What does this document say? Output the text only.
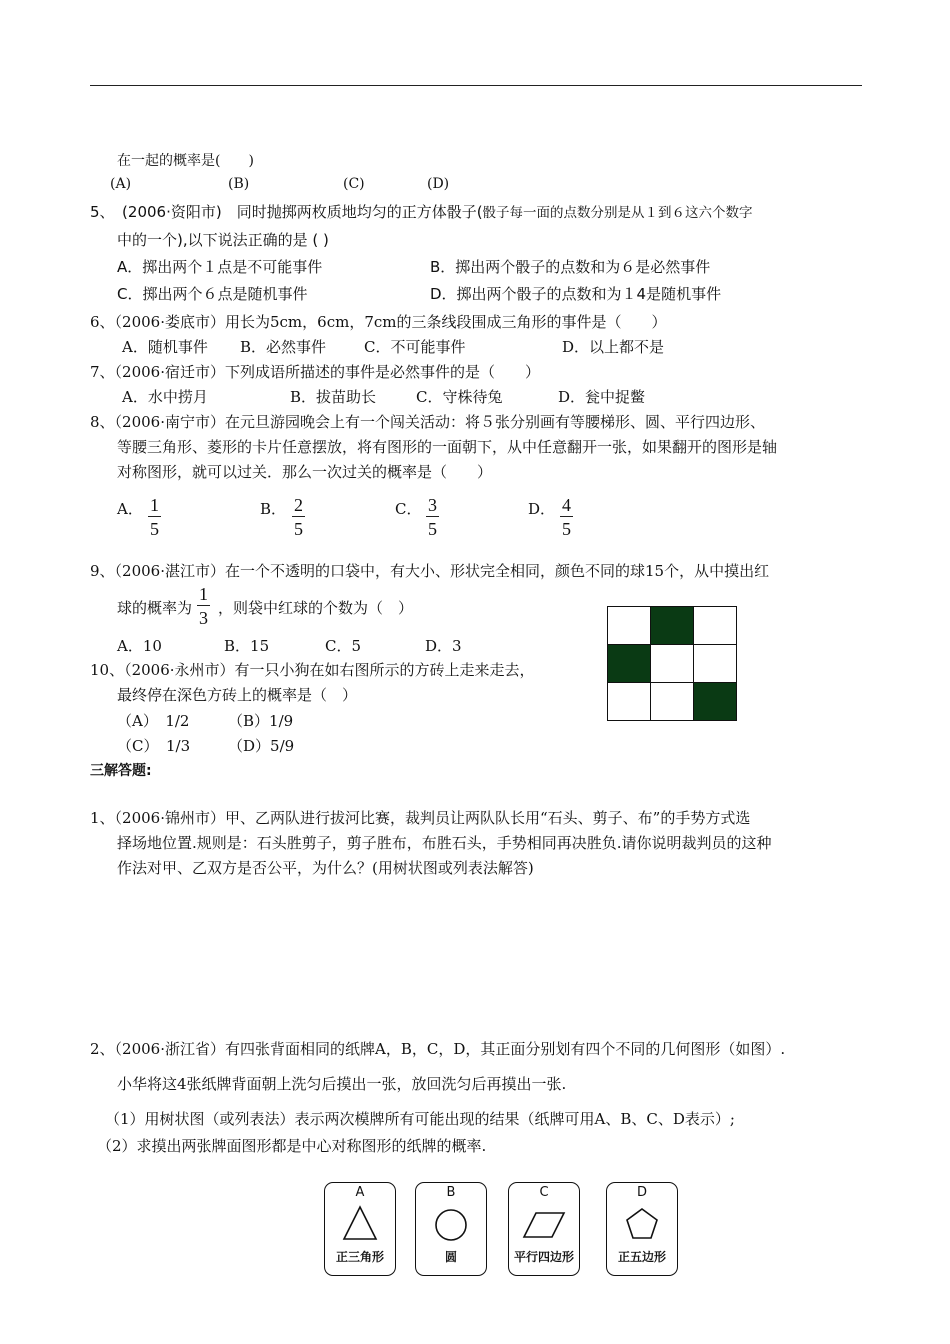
在一起的概率是(　　)
(A)	(B)	(C)	(D)
5、　(2006·资阳市)　同时抛掷两枚质地均匀的正方体骰子(骰子每一面的点数分别是从１到６这六个数字
中的一个),以下说法正确的是 ( )
A．掷出两个１点是不可能事件	B．掷出两个骰子的点数和为６是必然事件
C．掷出两个６点是随机事件	D．掷出两个骰子的点数和为１4是随机事件
6、（2006·娄底市）用长为5cm，6cm，7cm的三条线段围成三角形的事件是（　　）
A．随机事件 B．必然事件	C．不可能事件	D．以上都不是
7、（2006·宿迁市）下列成语所描述的事件是必然事件的是（　　）
A．水中捞月	B．拔苗助长	C．守株待兔	D．瓮中捉鳖
8、（2006·南宁市）在元旦游园晚会上有一个闯关活动：将５张分别画有等腰梯形、圆、平行四边形、
等腰三角形、菱形的卡片任意摆放，将有图形的一面朝下，从中任意翻开一张，如果翻开的图形是轴
对称图形，就可以过关．那么一次过关的概率是（　　）
A． $\frac{1}{5}$	B． $\frac{2}{5}$	C． $\frac{3}{5}$	D． $\frac{4}{5}$
9、（2006·湛江市）在一个不透明的口袋中，有大小、形状完全相同，颜色不同的球15个，从中摸出红
球的概率为 $\frac{1}{3}$ ，则袋中红球的个数为（　）
A．10	B．15	C．5	D．3

10、（2006·永州市）有一只小狗在如右图所示的方砖上走来走去，
最终停在深色方砖上的概率是（　）
（A）　1/2	（B）1/9
（C）　1/3	（D）5/9
三解答题:
1、（2006·锦州市）甲、乙两队进行拔河比赛，裁判员让两队队长用“石头、剪子、布”的手势方式选
择场地位置.规则是：石头胜剪子，剪子胜布，布胜石头，手势相同再决胜负.请你说明裁判员的这种
作法对甲、乙双方是否公平，为什么？(用树状图或列表法解答)
2、（2006·浙江省）有四张背面相同的纸牌A，B，C，D，其正面分别划有四个不同的几何图形（如图）.
小华将这4张纸牌背面朝上洗匀后摸出一张，放回洗匀后再摸出一张.
（1）用树状图（或列表法）表示两次模牌所有可能出现的结果（纸牌可用A、B、C、D表示）;
（2）求摸出两张牌面图形都是中心对称图形的纸牌的概率.
A
正三角形
B
圆
C
平行四边形
D
正五边形
